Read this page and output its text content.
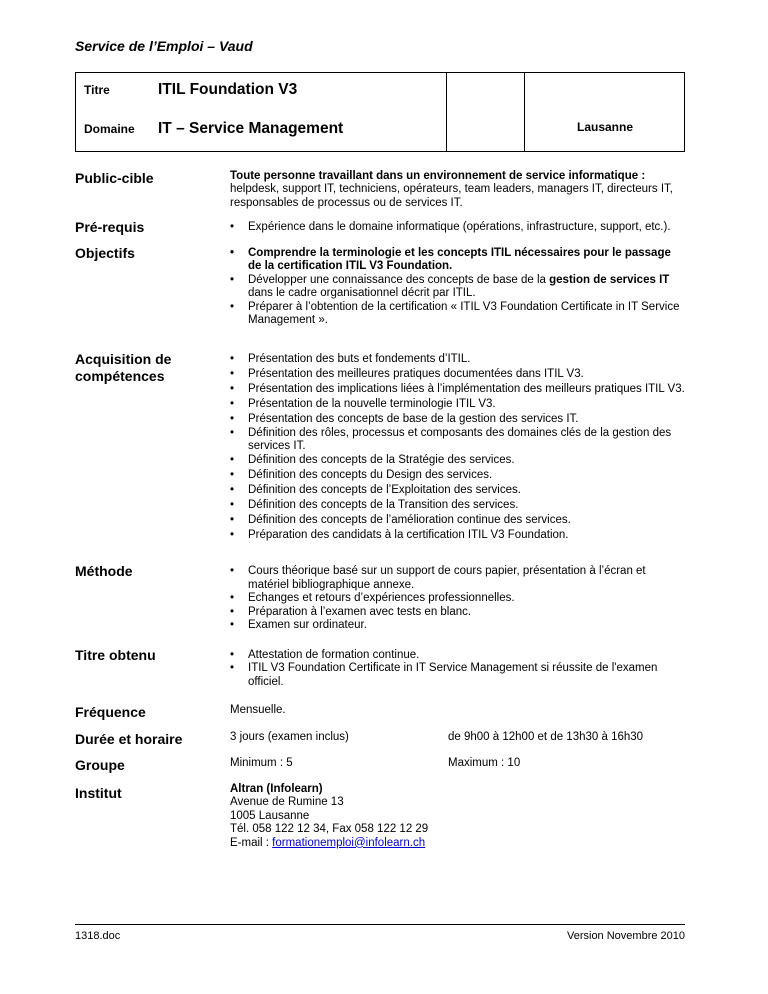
Service de l’Emploi – Vaud
Titre	ITIL Foundation V3
Domaine IT – Service Management	Lausanne
Public-cible	Toute personne travaillant dans un environnement de service informatique :
helpdesk, support IT, techniciens, opérateurs, team leaders, managers IT, directeurs IT, responsables de processus ou de services IT.
Pré-requis	• Expérience dans le domaine informatique (opérations, infrastructure, support, etc.).
Objectifs	• Comprendre la terminologie et les concepts ITIL nécessaires pour le passage de la certification ITIL V3 Foundation.
• Développer une connaissance des concepts de base de la gestion de services IT dans le cadre organisationnel décrit par ITIL.
• Préparer à l’obtention de la certification « ITIL V3 Foundation Certificate in IT Service Management ».
Acquisition de compétences
• Présentation des buts et fondements d’ITIL.
• Présentation des meilleures pratiques documentées dans ITIL V3.
• Présentation des implications liées à l’implémentation des meilleurs pratiques ITIL V3.
• Présentation de la nouvelle terminologie ITIL V3.
• Présentation des concepts de base de la gestion des services IT.
• Définition des rôles, processus et composants des domaines clés de la gestion des services IT.
• Définition des concepts de la Stratégie des services.
• Définition des concepts du Design des services.
• Définition des concepts de l’Exploitation des services.
• Définition des concepts de la Transition des services.
• Définition des concepts de l’amélioration continue des services.
• Préparation des candidats à la certification ITIL V3 Foundation.
Méthode	• Cours théorique basé sur un support de cours papier, présentation à l’écran et matériel bibliographique annexe.
• Echanges et retours d’expériences professionnelles.
• Préparation à l’examen avec tests en blanc.
• Examen sur ordinateur.
Titre obtenu	• Attestation de formation continue.
• ITIL V3 Foundation Certificate in IT Service Management si réussite de l'examen officiel.
Fréquence	Mensuelle.
Durée et horaire	3 jours (examen inclus)	de 9h00 à 12h00 et de 13h30 à 16h30
Groupe	Minimum : 5	Maximum : 10
Institut	Altran (Infolearn)
Avenue de Rumine 13
1005 Lausanne
Tél. 058 122 12 34, Fax 058 122 12 29
E-mail : formationemploi@infolearn.ch
1318.doc	Version Novembre 2010
